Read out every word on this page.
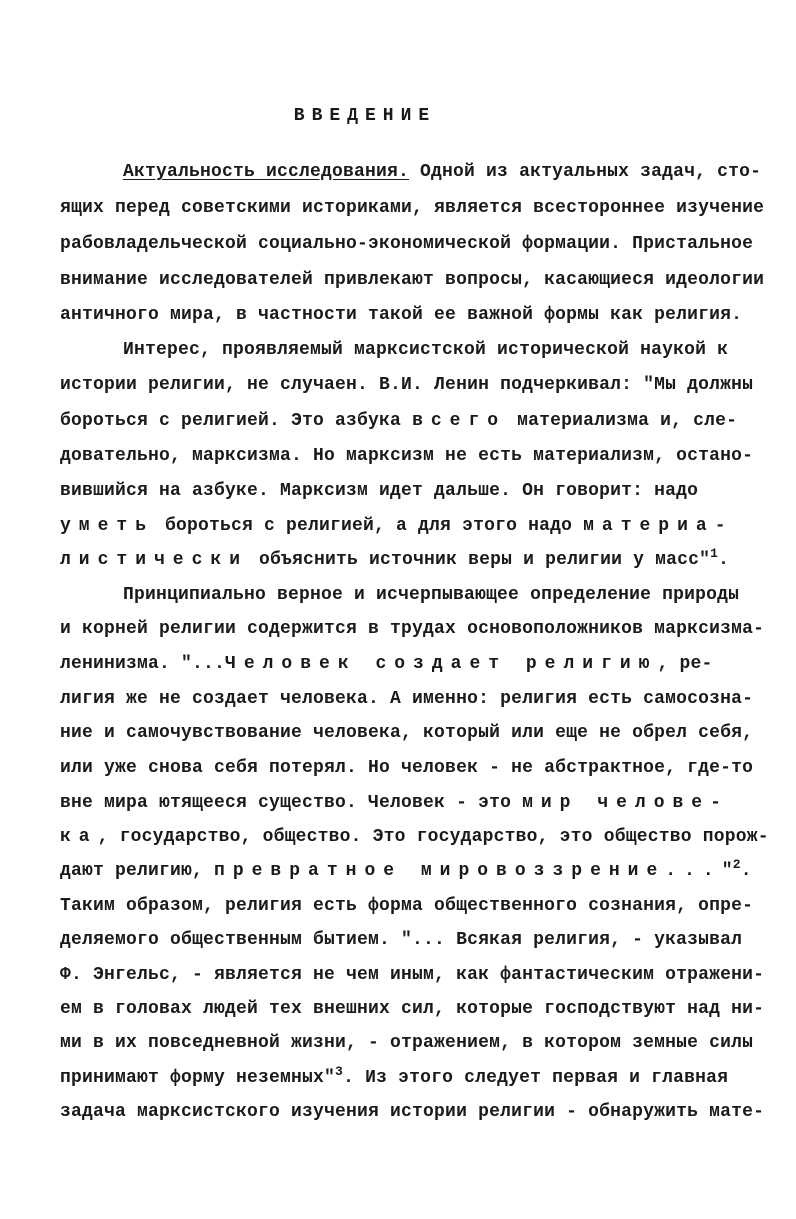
ВВЕДЕНИЕ
Актуальность исследования. Одной из актуальных задач, сто-
ящих перед советскими историками, является всестороннее изучение
рабовладельческой социально-экономической формации. Пристальное
внимание исследователей привлекают вопросы, касающиеся идеологии
античного мира, в частности такой ее важной формы как религия.
Интерес, проявляемый марксистской исторической наукой к
истории религии, не случаен. В.И. Ленин подчеркивал: "Мы должны
бороться с религией. Это азбука всего материализма и, сле-
довательно, марксизма. Но марксизм не есть материализм, остано-
вившийся на азбуке. Марксизм идет дальше. Он говорит: надо
уметь бороться с религией, а для этого надо материа-
листически объяснить источник веры и религии у масс"$^1$.
Принципиально верное и исчерпывающее определение природы
и корней религии содержится в трудах основоположников марксизма-
ленинизма. "...Человек создает религию, ре-
лигия же не создает человека. А именно: религия есть самосозна-
ние и самочувствование человека, который или еще не обрел себя,
или уже снова себя потерял. Но человек - не абстрактное, где-то
вне мира ютящееся существо. Человек - это мир челове-
ка, государство, общество. Это государство, это общество порож-
дают религию, превратное мировоззрение..."$^2$.
Таким образом, религия есть форма общественного сознания, опре-
деляемого общественным бытием. "... Всякая религия, - указывал
Ф. Энгельс, - является не чем иным, как фантастическим отражени-
ем в головах людей тех внешних сил, которые господствуют над ни-
ми в их повседневной жизни, - отражением, в котором земные силы
принимают форму неземных"$^3$. Из этого следует первая и главная
задача марксистского изучения истории религии - обнаружить мате-
